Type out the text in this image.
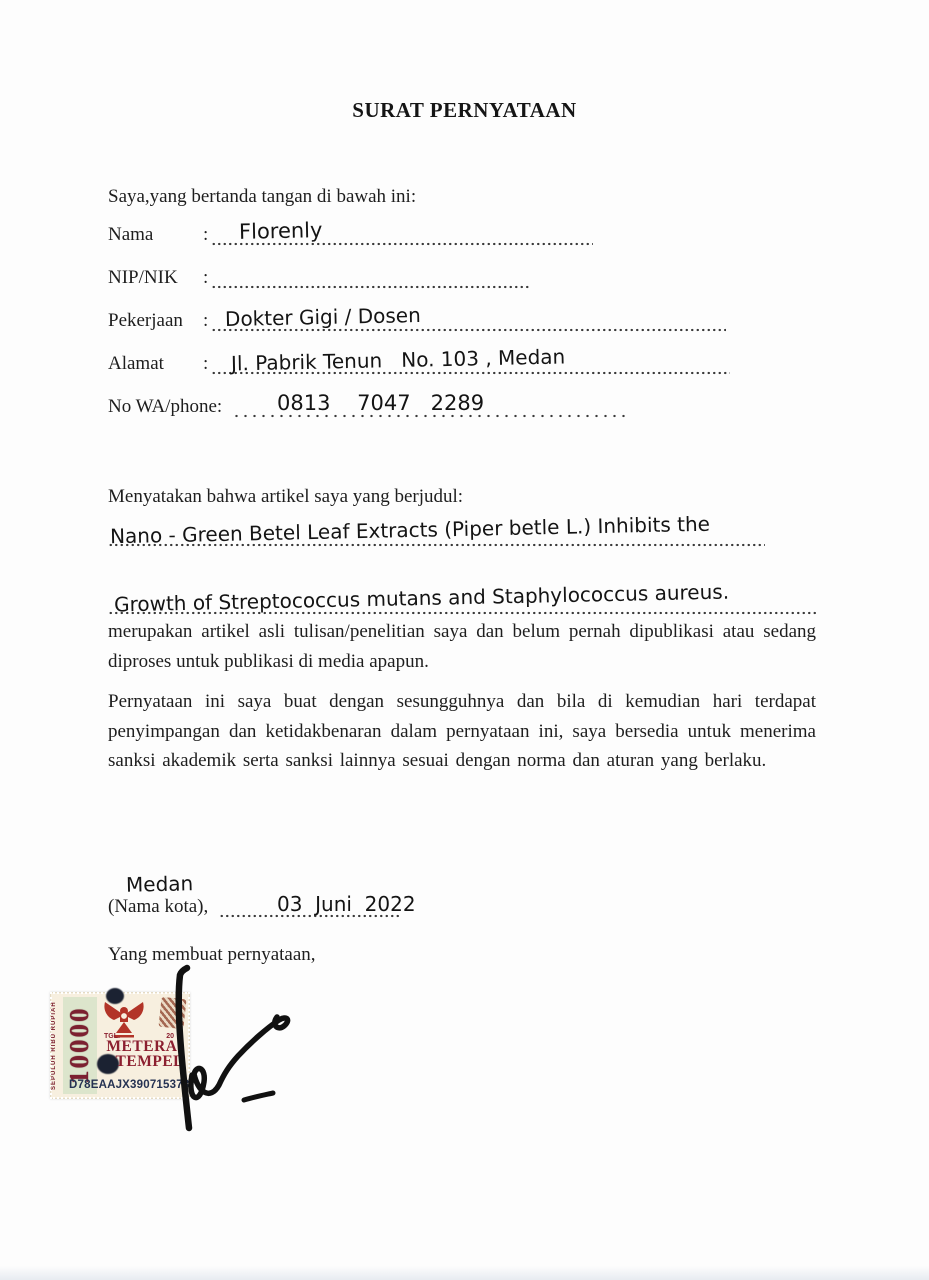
SURAT PERNYATAAN
Saya,yang bertanda tangan di bawah ini:
Nama	: Florenly
NIP/NIK :
Pekerjaan : Dokter Gigi / Dosen
Alamat : Jl. Pabrik Tenun   No. 103 , Medan
No WA/phone:	0813    7047   2289
Menyatakan bahwa artikel saya yang berjudul:
Nano - Green Betel Leaf Extracts (Piper betle L.) Inhibits the

Growth of Streptococcus mutans and Staphylococcus aureus.
merupakan artikel asli tulisan/penelitian saya dan belum pernah dipublikasi atau sedang diproses untuk publikasi di media apapun.
Pernyataan ini saya buat dengan sesungguhnya dan bila di kemudian hari terdapat penyimpangan dan ketidakbenaran dalam pernyataan ini, saya bersedia untuk menerima sanksi akademik serta sanksi lainnya sesuai dengan norma dan aturan yang berlaku.
(Nama kota),	03  Juni  2022
Medan
Yang membuat pernyataan,
SEPULUH RIBU RUPIAH 10000 TGL.	20
METERAI
TEMPEL
D78EAAJX390715378
